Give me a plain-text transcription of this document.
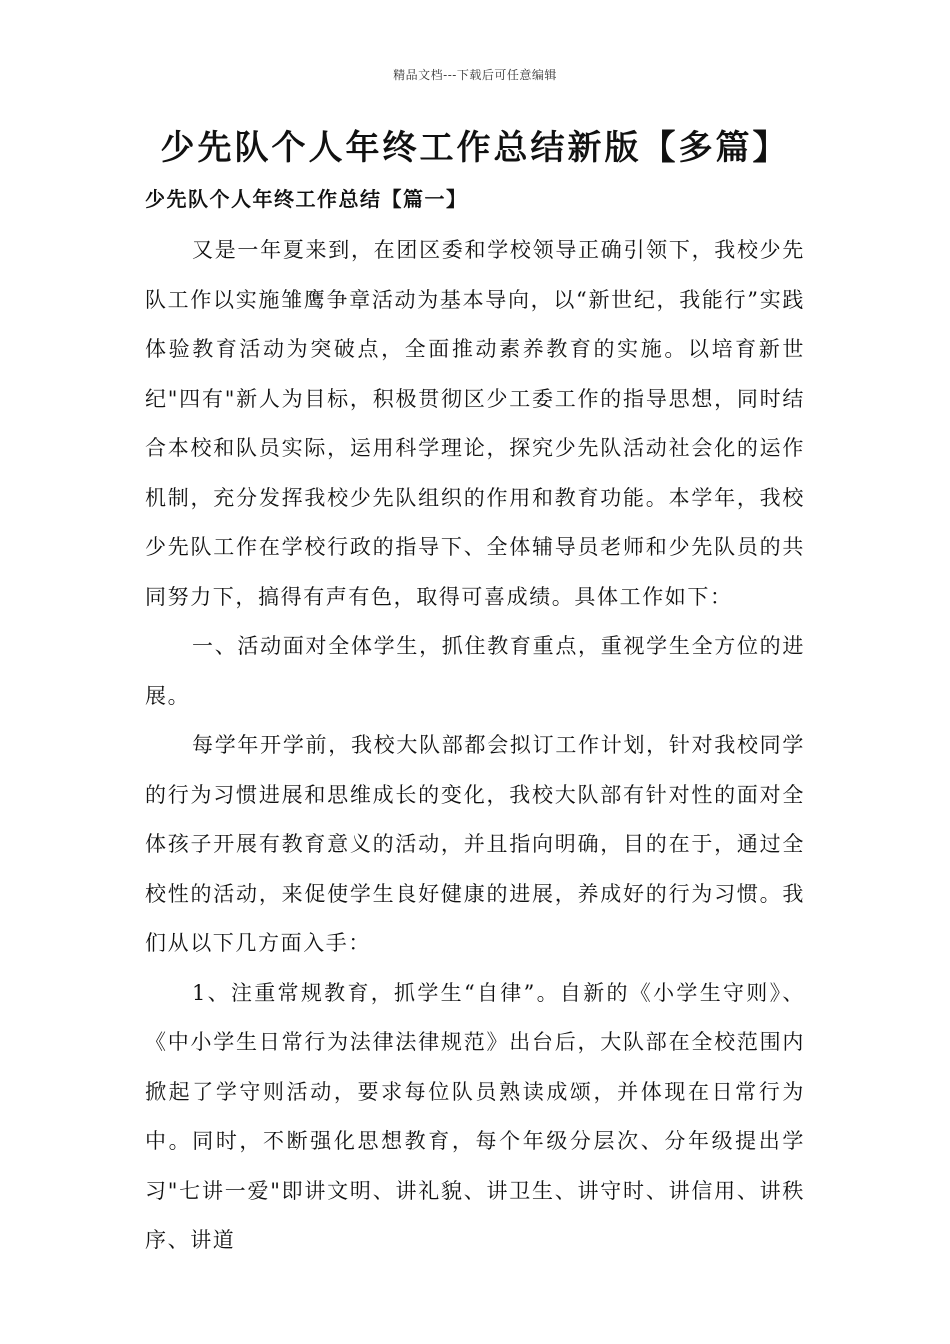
精品文档---下载后可任意编辑
少先队个人年终工作总结新版【多篇】
少先队个人年终工作总结【篇一】

又是一年夏来到，在团区委和学校领导正确引领下，我校少先队工作以实施雏鹰争章活动为基本导向，以“新世纪，我能行”实践体验教育活动为突破点，全面推动素养教育的实施。以培育新世纪"四有"新人为目标，积极贯彻区少工委工作的指导思想，同时结合本校和队员实际，运用科学理论，探究少先队活动社会化的运作机制，充分发挥我校少先队组织的作用和教育功能。本学年，我校少先队工作在学校行政的指导下、全体辅导员老师和少先队员的共同努力下，搞得有声有色，取得可喜成绩。具体工作如下：

一、活动面对全体学生，抓住教育重点，重视学生全方位的进展。

每学年开学前，我校大队部都会拟订工作计划，针对我校同学的行为习惯进展和思维成长的变化，我校大队部有针对性的面对全体孩子开展有教育意义的活动，并且指向明确，目的在于，通过全校性的活动，来促使学生良好健康的进展，养成好的行为习惯。我们从以下几方面入手：

1、注重常规教育，抓学生“自律”。自新的《小学生守则》、《中小学生日常行为法律法律规范》出台后，大队部在全校范围内掀起了学守则活动，要求每位队员熟读成颂，并体现在日常行为中。同时，不断强化思想教育，每个年级分层次、分年级提出学习"七讲一爱"即讲文明、讲礼貌、讲卫生、讲守时、讲信用、讲秩序、讲道
